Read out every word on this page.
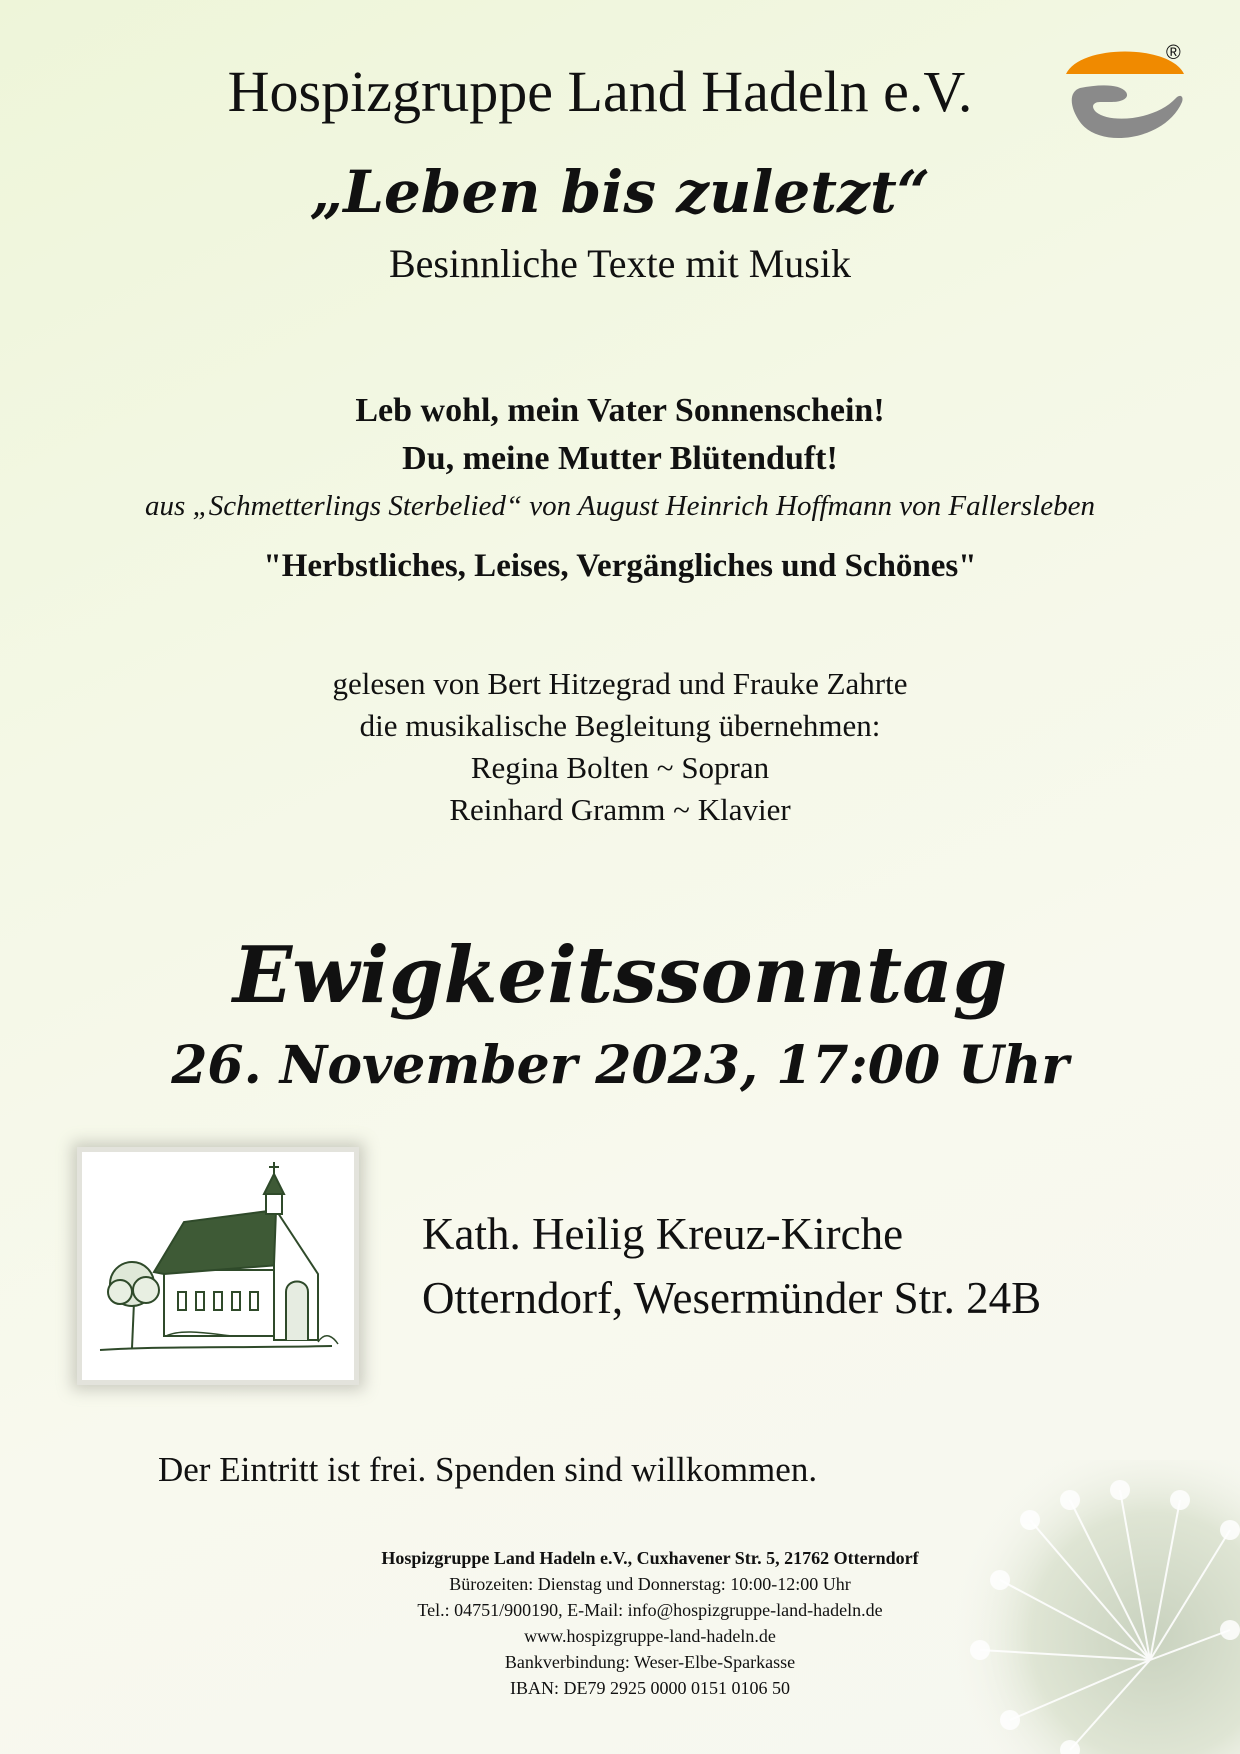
Hospizgruppe Land Hadeln e.V.
®
„Leben bis zuletzt“
Besinnliche Texte mit Musik
Leb wohl, mein Vater Sonnenschein!
Du, meine Mutter Blütenduft!
aus „Schmetterlings Sterbelied“ von August Heinrich Hoffmann von Fallersleben
"Herbstliches, Leises, Vergängliches und Schönes"
gelesen von Bert Hitzegrad und Frauke Zahrte
die musikalische Begleitung übernehmen:
Regina Bolten ~ Sopran
Reinhard Gramm ~ Klavier
Ewigkeitssonntag
26. November 2023, 17:00 Uhr
Kath. Heilig Kreuz-Kirche
Otterndorf, Wesermünder Str. 24B
Der Eintritt ist frei. Spenden sind willkommen.
Hospizgruppe Land Hadeln e.V., Cuxhavener Str. 5, 21762 Otterndorf
Bürozeiten: Dienstag und Donnerstag: 10:00-12:00 Uhr
Tel.: 04751/900190, E-Mail: info@hospizgruppe-land-hadeln.de
www.hospizgruppe-land-hadeln.de
Bankverbindung: Weser-Elbe-Sparkasse
IBAN: DE79 2925 0000 0151 0106 50
